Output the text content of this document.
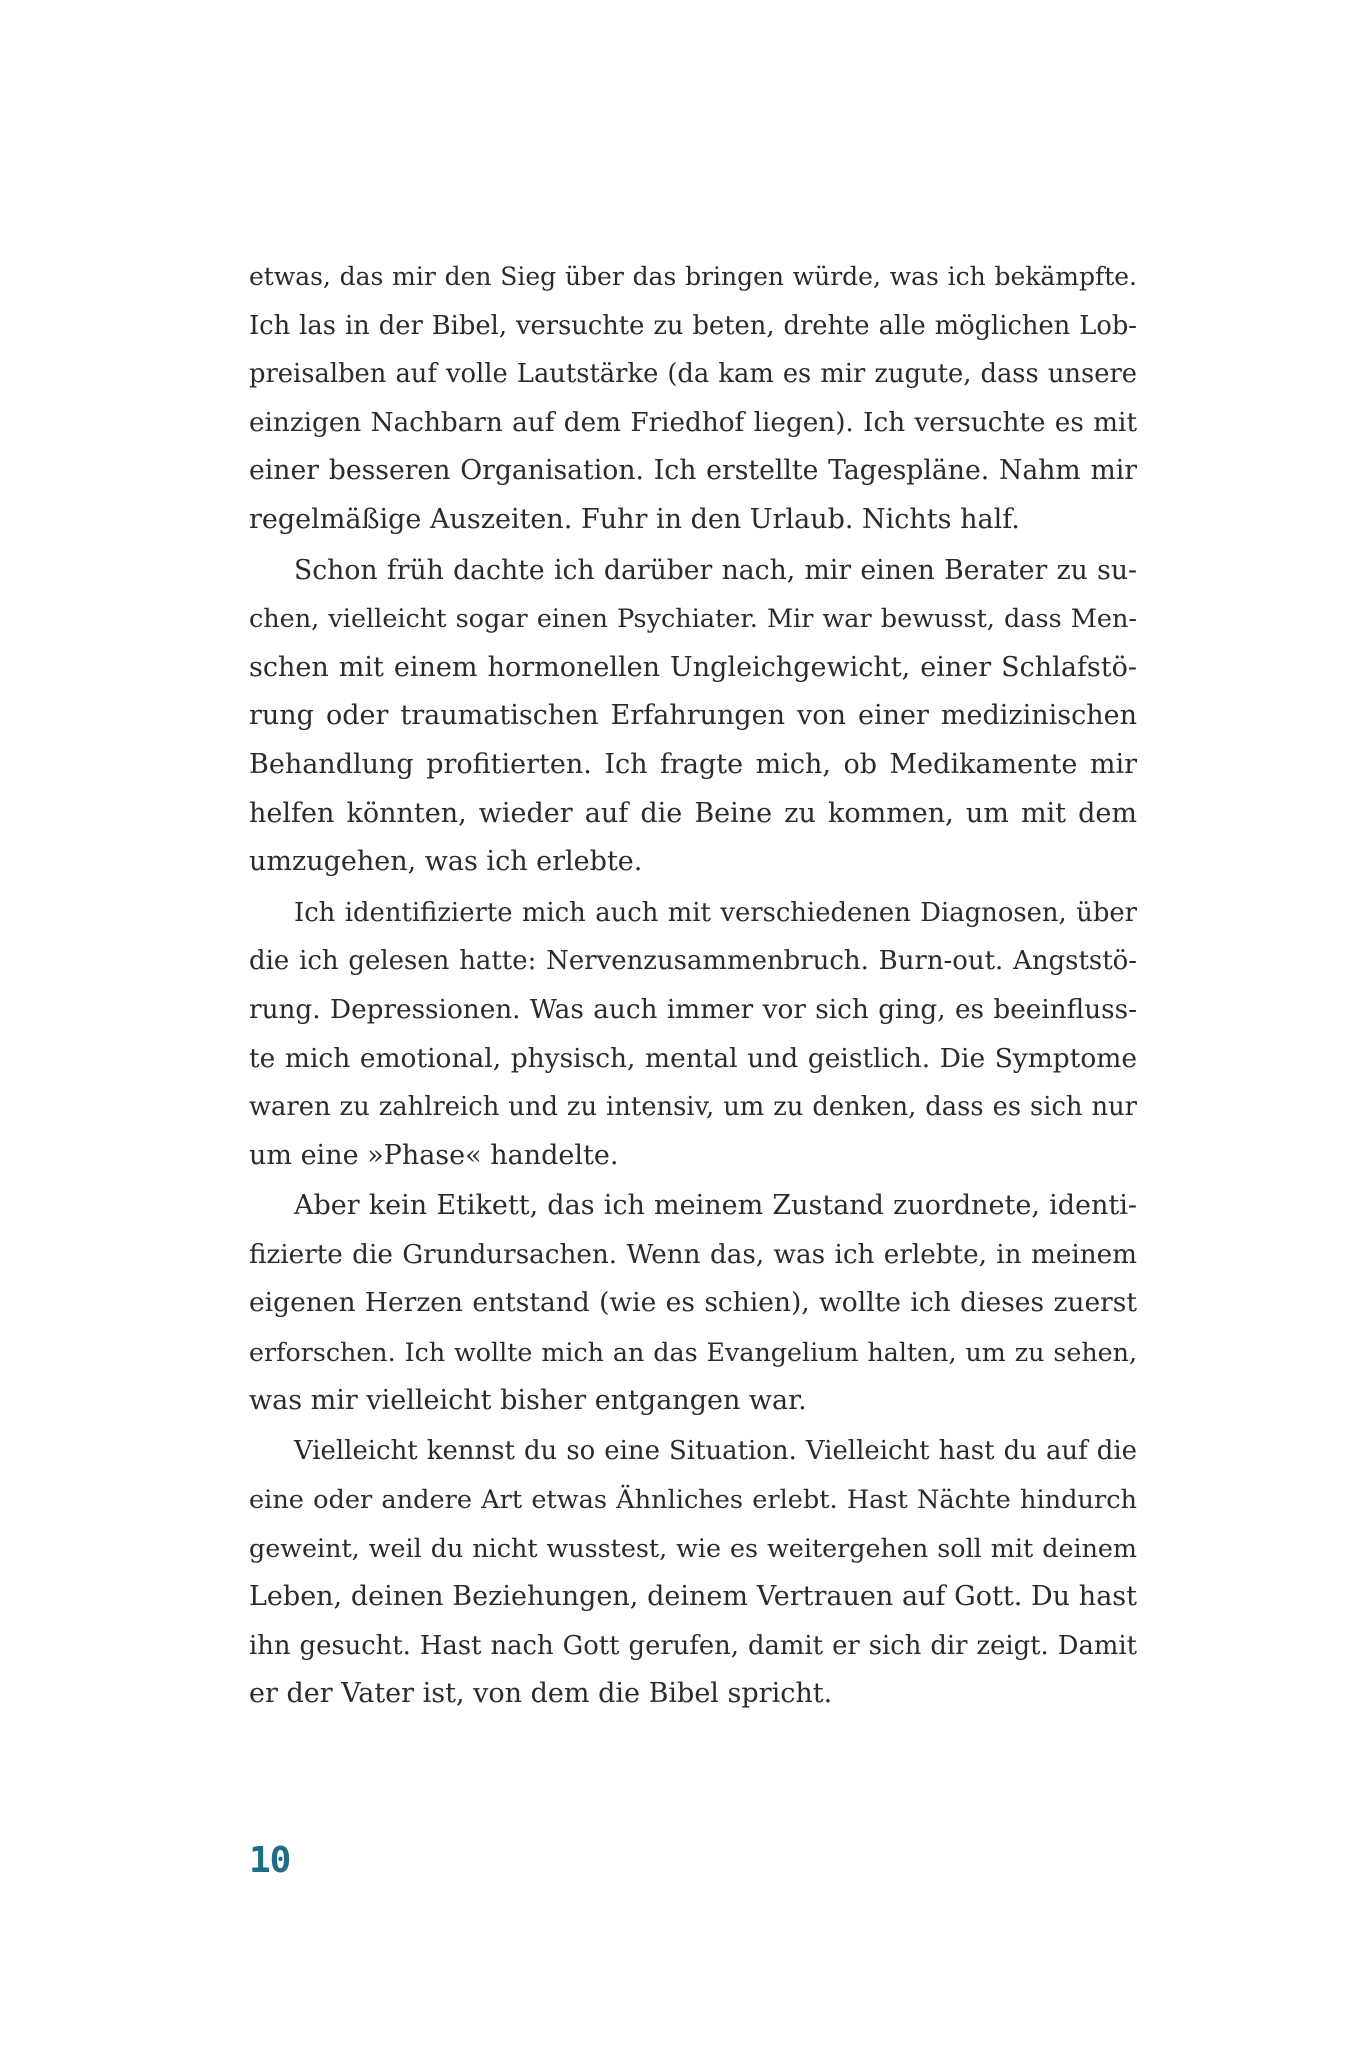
etwas, das mir den Sieg über das bringen würde, was ich bekämpfte.
Ich las in der Bibel, versuchte zu beten, drehte alle möglichen Lob-
preisalben auf volle Lautstärke (da kam es mir zugute, dass unsere
einzigen Nachbarn auf dem Friedhof liegen). Ich versuchte es mit
einer besseren Organisation. Ich erstellte Tagespläne. Nahm mir
regelmäßige Auszeiten. Fuhr in den Urlaub. Nichts half.
Schon früh dachte ich darüber nach, mir einen Berater zu su-
chen, vielleicht sogar einen Psychiater. Mir war bewusst, dass Men-
schen mit einem hormonellen Ungleichgewicht, einer Schlafstö-
rung oder traumatischen Erfahrungen von einer medizinischen
Behandlung profitierten. Ich fragte mich, ob Medikamente mir
helfen könnten, wieder auf die Beine zu kommen, um mit dem
umzugehen, was ich erlebte.
Ich identifizierte mich auch mit verschiedenen Diagnosen, über
die ich gelesen hatte: Nervenzusammenbruch. Burn-out. Angststö-
rung. Depressionen. Was auch immer vor sich ging, es beeinfluss-
te mich emotional, physisch, mental und geistlich. Die Symptome
waren zu zahlreich und zu intensiv, um zu denken, dass es sich nur
um eine »Phase« handelte.
Aber kein Etikett, das ich meinem Zustand zuordnete, identi-
fizierte die Grundursachen. Wenn das, was ich erlebte, in meinem
eigenen Herzen entstand (wie es schien), wollte ich dieses zuerst
erforschen. Ich wollte mich an das Evangelium halten, um zu sehen,
was mir vielleicht bisher entgangen war.
Vielleicht kennst du so eine Situation. Vielleicht hast du auf die
eine oder andere Art etwas Ähnliches erlebt. Hast Nächte hindurch
geweint, weil du nicht wusstest, wie es weitergehen soll mit deinem
Leben, deinen Beziehungen, deinem Vertrauen auf Gott. Du hast
ihn gesucht. Hast nach Gott gerufen, damit er sich dir zeigt. Damit
er der Vater ist, von dem die Bibel spricht.
10
